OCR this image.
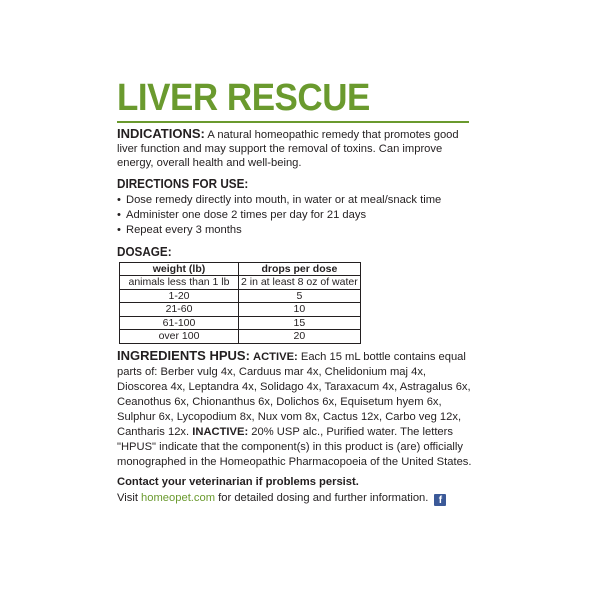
LIVER RESCUE
INDICATIONS: A natural homeopathic remedy that promotes good liver function and may support the removal of toxins. Can improve energy, overall health and well-being.
DIRECTIONS FOR USE:
• Dose remedy directly into mouth, in water or at meal/snack time
• Administer one dose 2 times per day for 21 days
• Repeat every 3 months
DOSAGE:
weight (lb)	drops per dose
animals less than 1 lb	2 in at least 8 oz of water
1-20	5
21-60	10
61-100	15
over 100	20
INGREDIENTS HPUS: ACTIVE: Each 15 mL bottle contains equal parts of: Berber vulg 4x, Carduus mar 4x, Chelidonium maj 4x, Dioscorea 4x, Leptandra 4x, Solidago 4x, Taraxacum 4x, Astragalus 6x, Ceanothus 6x, Chionanthus 6x, Dolichos 6x, Equisetum hyem 6x, Sulphur 6x, Lycopodium 8x, Nux vom 8x, Cactus 12x, Carbo veg 12x, Cantharis 12x. INACTIVE: 20% USP alc., Purified water. The letters "HPUS" indicate that the component(s) in this product is (are) officially monographed in the Homeopathic Pharmacopoeia of the United States.
Contact your veterinarian if problems persist.
Visit homeopet.com for detailed dosing and further information. f
